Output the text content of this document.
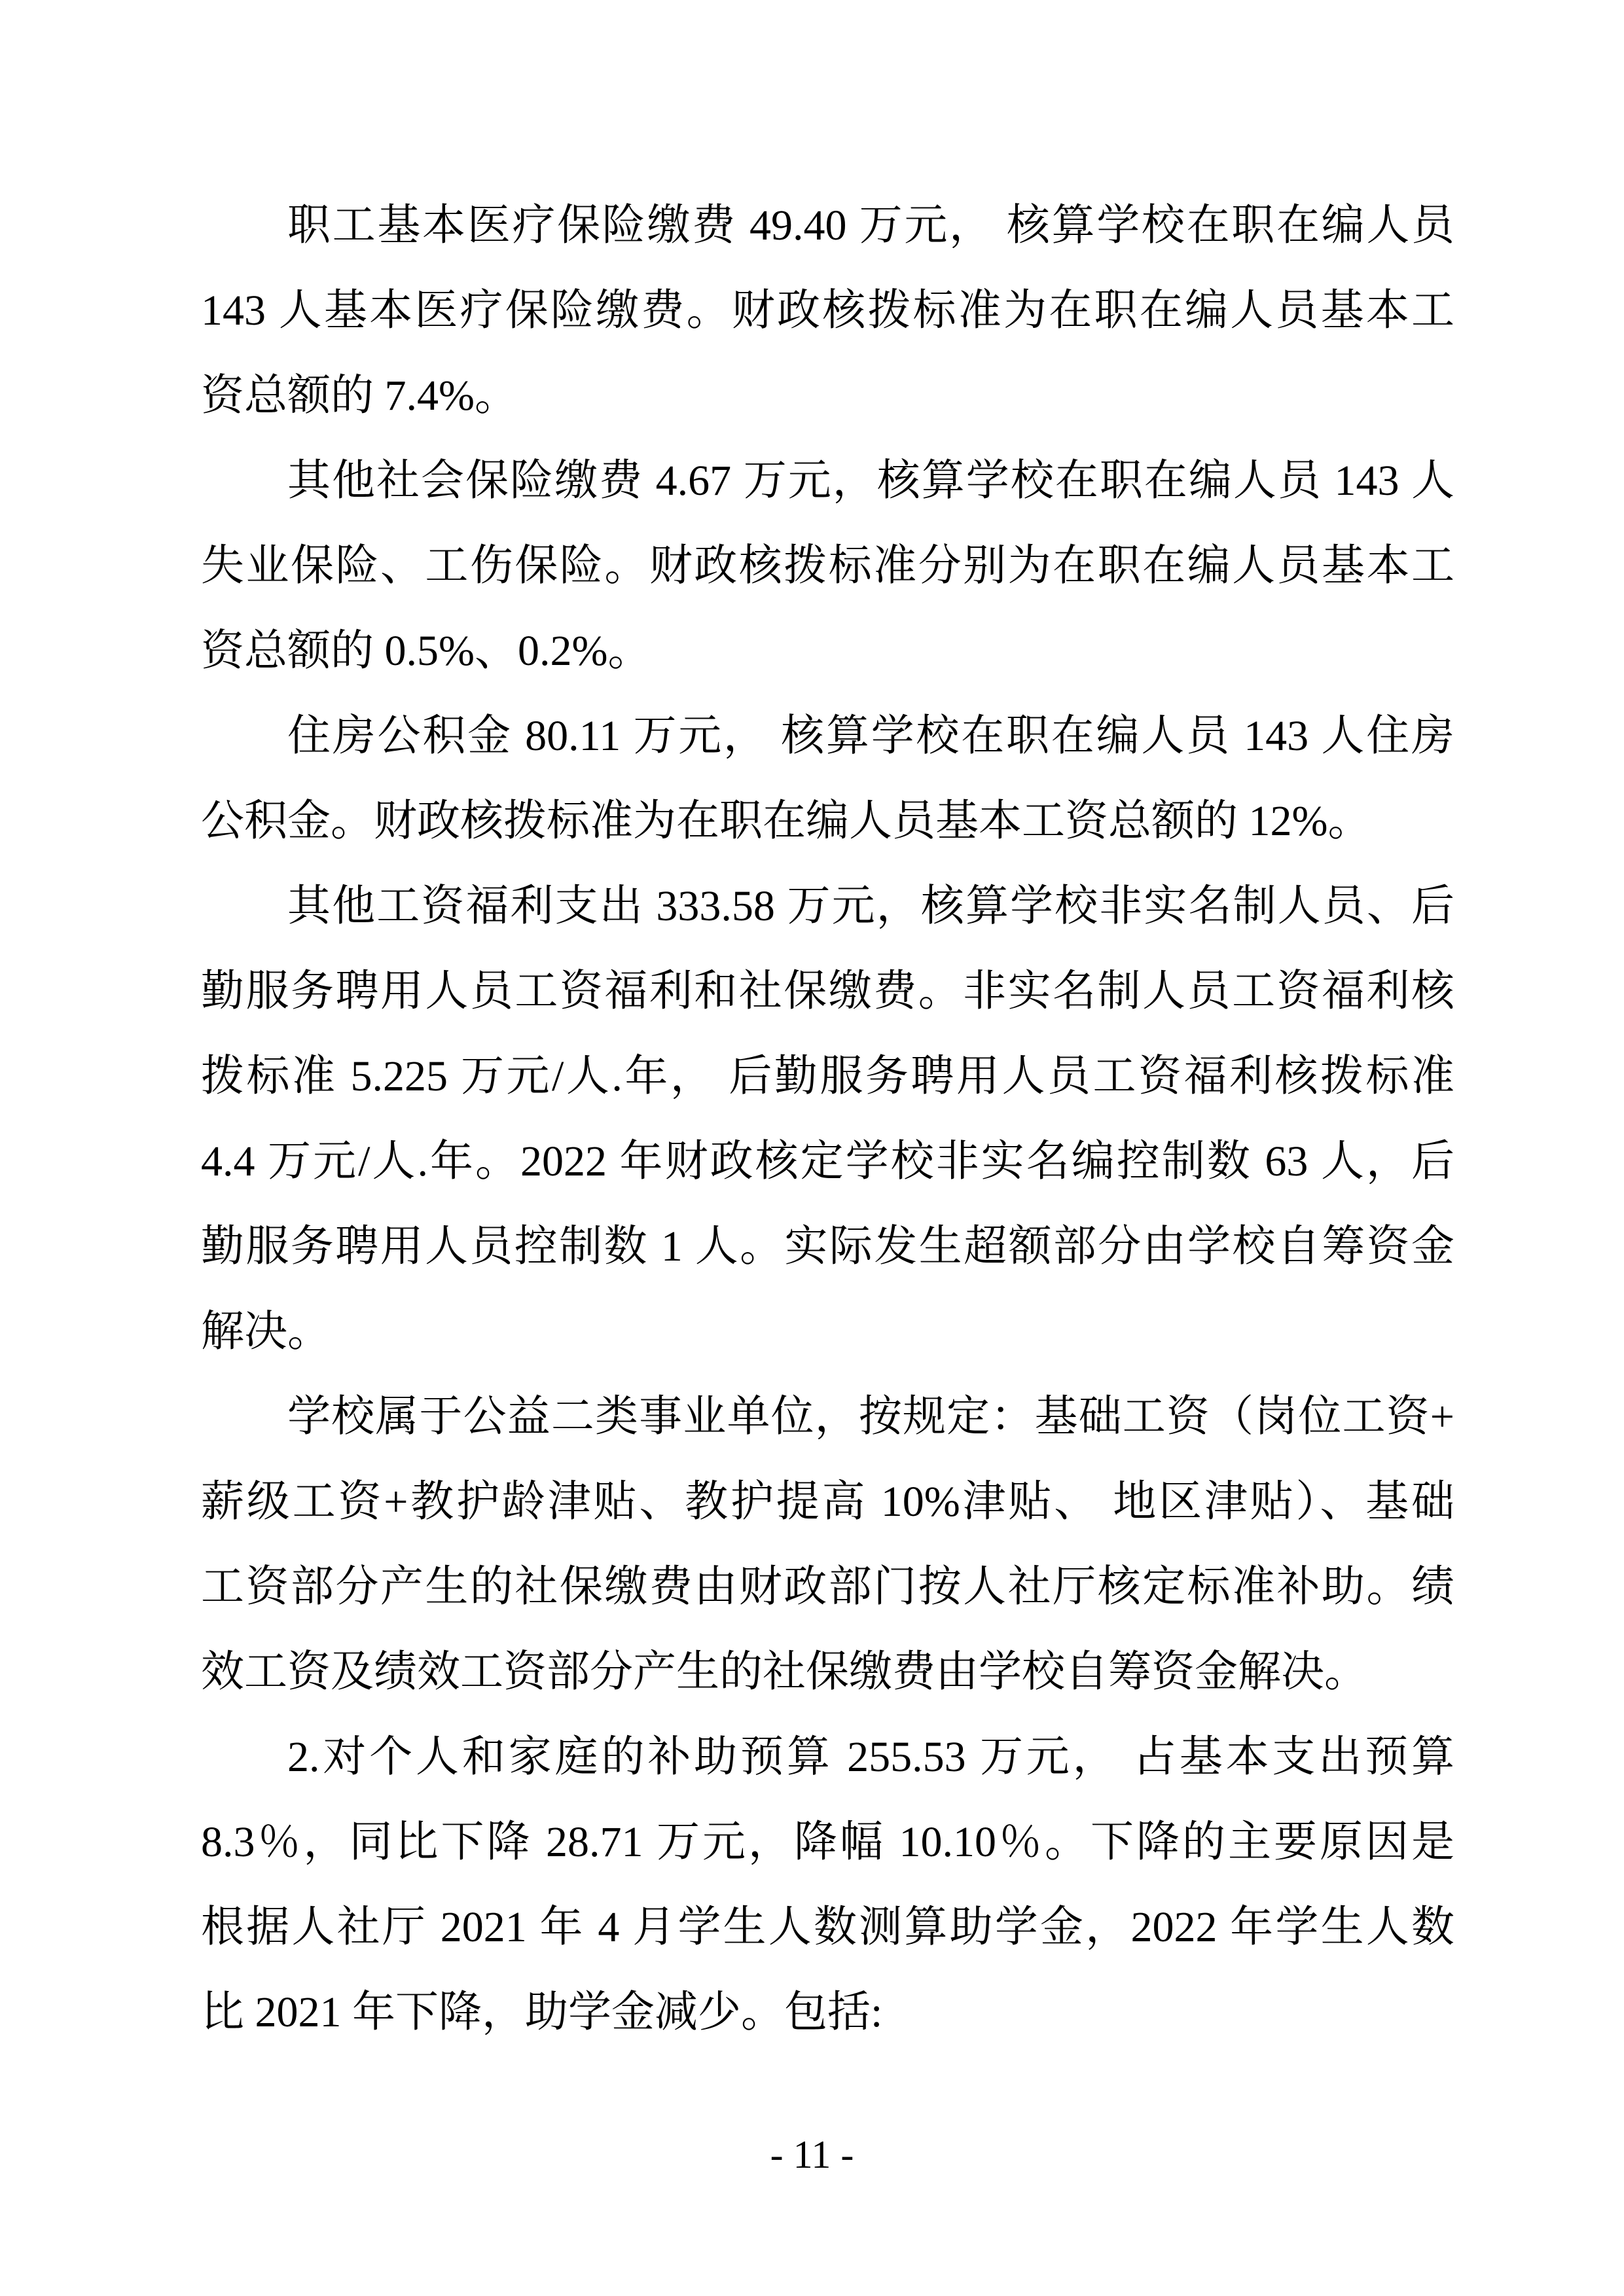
职工基本医疗保险缴费 49.40 万元， 核算学校在职在编人员
143 人基本医疗保险缴费。财政核拨标准为在职在编人员基本工
资总额的 7.4%。
其他社会保险缴费 4.67 万元，核算学校在职在编人员 143 人
失业保险、工伤保险。财政核拨标准分别为在职在编人员基本工
资总额的 0.5%、0.2%。
住房公积金 80.11 万元， 核算学校在职在编人员 143 人住房
公积金。财政核拨标准为在职在编人员基本工资总额的 12%。
其他工资福利支出 333.58 万元，核算学校非实名制人员、后
勤服务聘用人员工资福利和社保缴费。非实名制人员工资福利核
拨标准 5.225 万元/人.年， 后勤服务聘用人员工资福利核拨标准
4.4 万元/人.年。2022 年财政核定学校非实名编控制数 63 人，后
勤服务聘用人员控制数 1 人。实际发生超额部分由学校自筹资金
解决。
学校属于公益二类事业单位，按规定：基础工资（岗位工资+
薪级工资+教护龄津贴、教护提高 10%津贴、 地区津贴）、基础
工资部分产生的社保缴费由财政部门按人社厅核定标准补助。绩
效工资及绩效工资部分产生的社保缴费由学校自筹资金解决。
2.对个人和家庭的补助预算 255.53 万元， 占基本支出预算
8.3％，同比下降 28.71 万元，降幅 10.10％。下降的主要原因是
根据人社厅 2021 年 4 月学生人数测算助学金，2022 年学生人数
比 2021 年下降，助学金减少。包括:
- 11 -
